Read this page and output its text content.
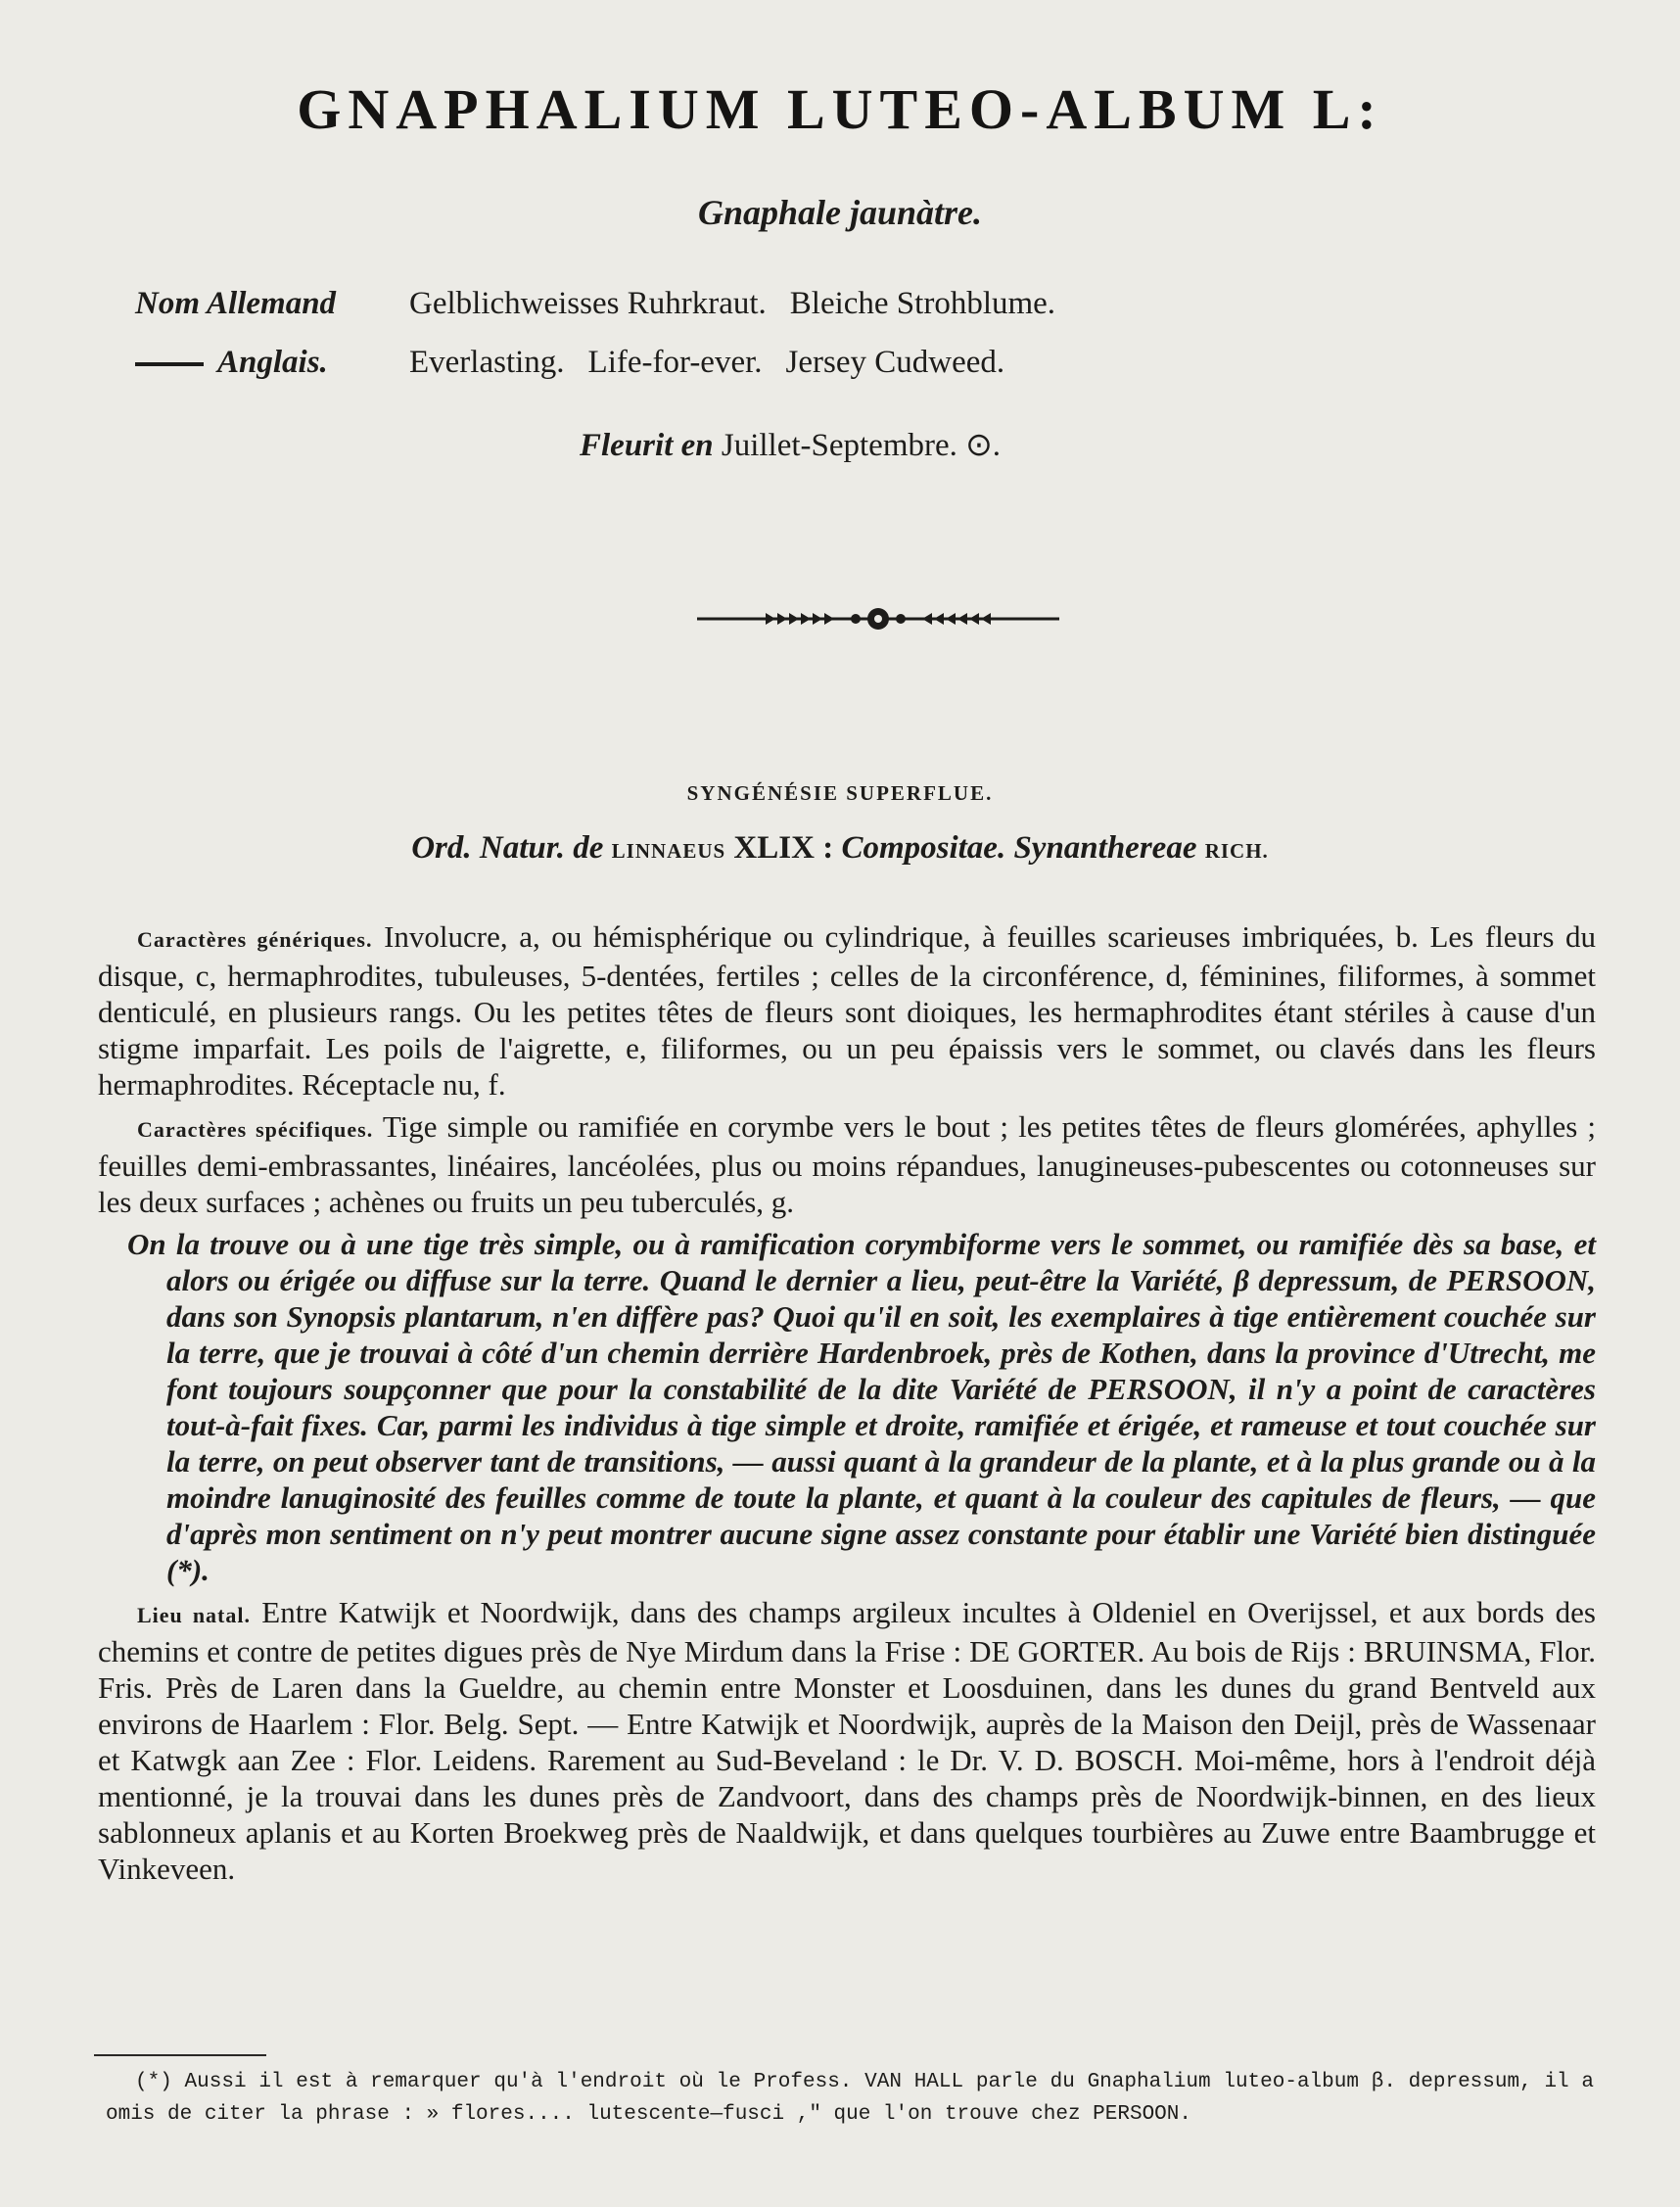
GNAPHALIUM LUTEO-ALBUM L:
Gnaphale jaunàtre.
Nom Allemand	Gelblichweisses Ruhrkraut. Bleiche Strohblume.
Anglais.	Everlasting. Life-for-ever. Jersey Cudweed.
Fleurit en Juillet-Septembre. ⊙.
SYNGÉNÉSIE SUPERFLUE.
Ord. Natur. de LINNAEUS XLIX : Compositae. Synanthereae RICH.

Caractères génériques. Involucre, a, ou hémisphérique ou cylindrique, à feuilles scarieuses imbriquées, b. Les fleurs du disque, c, hermaphrodites, tubuleuses, 5-dentées, fertiles ; celles de la circonférence, d, féminines, filiformes, à sommet denticulé, en plusieurs rangs. Ou les petites têtes de fleurs sont dioiques, les hermaphrodites étant stériles à cause d'un stigme imparfait. Les poils de l'aigrette, e, filiformes, ou un peu épaissis vers le sommet, ou clavés dans les fleurs hermaphrodites. Réceptacle nu, f.

Caractères spécifiques. Tige simple ou ramifiée en corymbe vers le bout ; les petites têtes de fleurs glomérées, aphylles ; feuilles demi-embrassantes, linéaires, lancéolées, plus ou moins répandues, lanugineuses-pubescentes ou cotonneuses sur les deux surfaces ; achènes ou fruits un peu tuberculés, g.

On la trouve ou à une tige très simple, ou à ramification corymbiforme vers le sommet, ou ramifiée dès sa base, et alors ou érigée ou diffuse sur la terre. Quand le dernier a lieu, peut-être la Variété, β depressum, de PERSOON, dans son Synopsis plantarum, n'en diffère pas? Quoi qu'il en soit, les exemplaires à tige entièrement couchée sur la terre, que je trouvai à côté d'un chemin derrière Hardenbroek, près de Kothen, dans la province d'Utrecht, me font toujours soupçonner que pour la constabilité de la dite Variété de PERSOON, il n'y a point de caractères tout-à-fait fixes. Car, parmi les individus à tige simple et droite, ramifiée et érigée, et rameuse et tout couchée sur la terre, on peut observer tant de transitions, — aussi quant à la grandeur de la plante, et à la plus grande ou à la moindre lanuginosité des feuilles comme de toute la plante, et quant à la couleur des capitules de fleurs, — que d'après mon sentiment on n'y peut montrer aucune signe assez constante pour établir une Variété bien distinguée (*).

Lieu natal. Entre Katwijk et Noordwijk, dans des champs argileux incultes à Oldeniel en Overijssel, et aux bords des chemins et contre de petites digues près de Nye Mirdum dans la Frise : DE GORTER. Au bois de Rijs : BRUINSMA, Flor. Fris. Près de Laren dans la Gueldre, au chemin entre Monster et Loosduinen, dans les dunes du grand Bentveld aux environs de Haarlem : Flor. Belg. Sept. — Entre Katwijk et Noordwijk, auprès de la Maison den Deijl, près de Wassenaar et Katwgk aan Zee : Flor. Leidens. Rarement au Sud-Beveland : le Dr. V. D. BOSCH. Moi-même, hors à l'endroit déjà mentionné, je la trouvai dans les dunes près de Zandvoort, dans des champs près de Noordwijk-binnen, en des lieux sablonneux aplanis et au Korten Broekweg près de Naaldwijk, et dans quelques tourbières au Zuwe entre Baambrugge et Vinkeveen.

(*) Aussi il est à remarquer qu'à l'endroit où le Profess. VAN HALL parle du Gnaphalium luteo-album β. depressum, il a omis de citer la phrase : » flores.... lutescente—fusci ," que l'on trouve chez PERSOON.
